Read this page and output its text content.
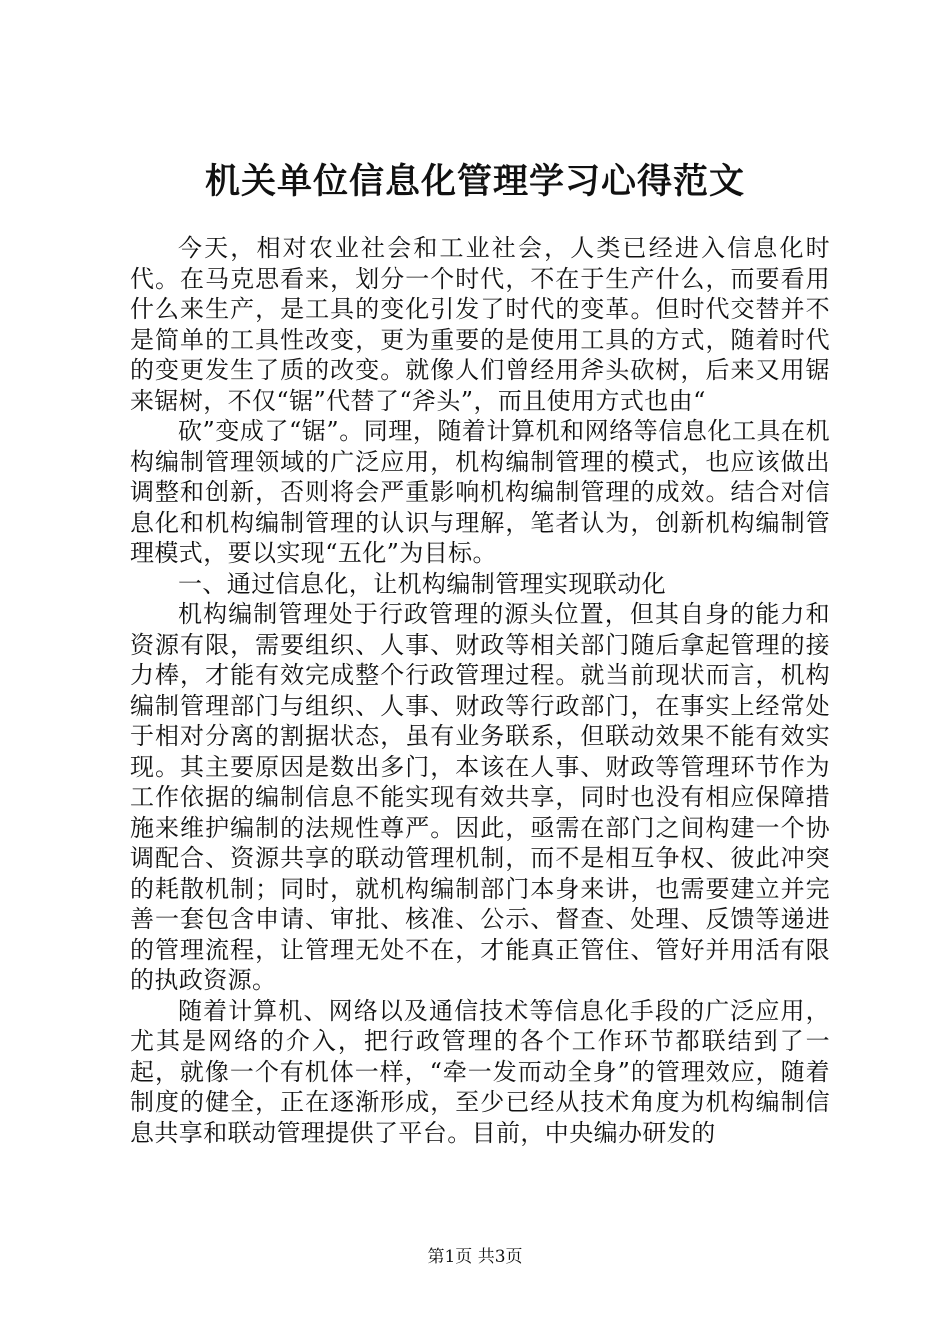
机关单位信息化管理学习心得范文

今天，相对农业社会和工业社会，人类已经进入信息化时代。在马克思看来，划分一个时代，不在于生产什么，而要看用什么来生产，是工具的变化引发了时代的变革。但时代交替并不是简单的工具性改变，更为重要的是使用工具的方式，随着时代的变更发生了质的改变。就像人们曾经用斧头砍树，后来又用锯来锯树，不仅“锯”代替了“斧头”，而且使用方式也由“

砍”变成了“锯”。同理，随着计算机和网络等信息化工具在机构编制管理领域的广泛应用，机构编制管理的模式，也应该做出调整和创新，否则将会严重影响机构编制管理的成效。结合对信息化和机构编制管理的认识与理解，笔者认为，创新机构编制管理模式，要以实现“五化”为目标。

一、通过信息化，让机构编制管理实现联动化

机构编制管理处于行政管理的源头位置，但其自身的能力和资源有限，需要组织、人事、财政等相关部门随后拿起管理的接力棒，才能有效完成整个行政管理过程。就当前现状而言，机构编制管理部门与组织、人事、财政等行政部门，在事实上经常处于相对分离的割据状态，虽有业务联系，但联动效果不能有效实现。其主要原因是数出多门，本该在人事、财政等管理环节作为工作依据的编制信息不能实现有效共享，同时也没有相应保障措施来维护编制的法规性尊严。因此，亟需在部门之间构建一个协调配合、资源共享的联动管理机制，而不是相互争权、彼此冲突的耗散机制；同时，就机构编制部门本身来讲，也需要建立并完善一套包含申请、审批、核准、公示、督查、处理、反馈等递进的管理流程，让管理无处不在，才能真正管住、管好并用活有限的执政资源。

随着计算机、网络以及通信技术等信息化手段的广泛应用，尤其是网络的介入，把行政管理的各个工作环节都联结到了一起，就像一个有机体一样，“牵一发而动全身”的管理效应，随着制度的健全，正在逐渐形成，至少已经从技术角度为机构编制信息共享和联动管理提供了平台。目前，中央编办研发的

第1页 共3页
